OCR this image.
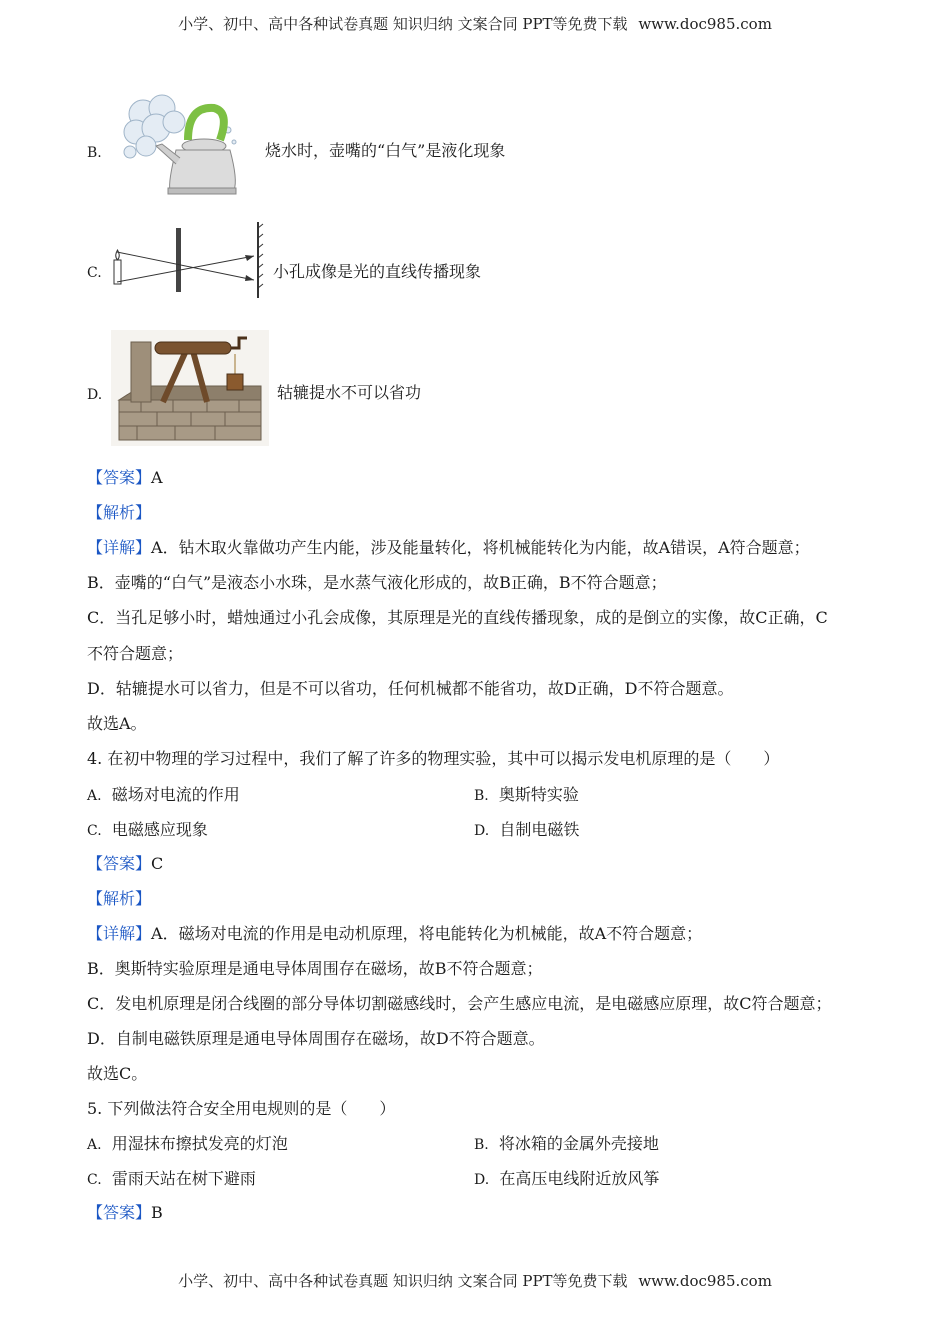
小学、初中、高中各种试卷真题 知识归纳 文案合同 PPT等免费下载 www.doc985.com
B.	烧水时，壶嘴的“白气”是液化现象
C.	小孔成像是光的直线传播现象
D.	轱辘提水不可以省功
【答案】A
【解析】
【详解】A．钻木取火靠做功产生内能，涉及能量转化，将机械能转化为内能，故A错误，A符合题意；
B．壶嘴的“白气”是液态小水珠，是水蒸气液化形成的，故B正确，B不符合题意；
C．当孔足够小时，蜡烛通过小孔会成像，其原理是光的直线传播现象，成的是倒立的实像，故C正确，C
不符合题意；
D．轱辘提水可以省力，但是不可以省功，任何机械都不能省功，故D正确，D不符合题意。
故选A。
4. 在初中物理的学习过程中，我们了解了许多的物理实验，其中可以揭示发电机原理的是（　　）
A. 磁场对电流的作用	B. 奥斯特实验
C. 电磁感应现象	D. 自制电磁铁
【答案】C
【解析】
【详解】A．磁场对电流的作用是电动机原理，将电能转化为机械能，故A不符合题意；
B．奥斯特实验原理是通电导体周围存在磁场，故B不符合题意；
C．发电机原理是闭合线圈的部分导体切割磁感线时，会产生感应电流，是电磁感应原理，故C符合题意；
D．自制电磁铁原理是通电导体周围存在磁场，故D不符合题意。
故选C。
5. 下列做法符合安全用电规则的是（　　）
A. 用湿抹布擦拭发亮的灯泡	B. 将冰箱的金属外壳接地
C. 雷雨天站在树下避雨	D. 在高压电线附近放风筝
【答案】B
小学、初中、高中各种试卷真题 知识归纳 文案合同 PPT等免费下载 www.doc985.com
